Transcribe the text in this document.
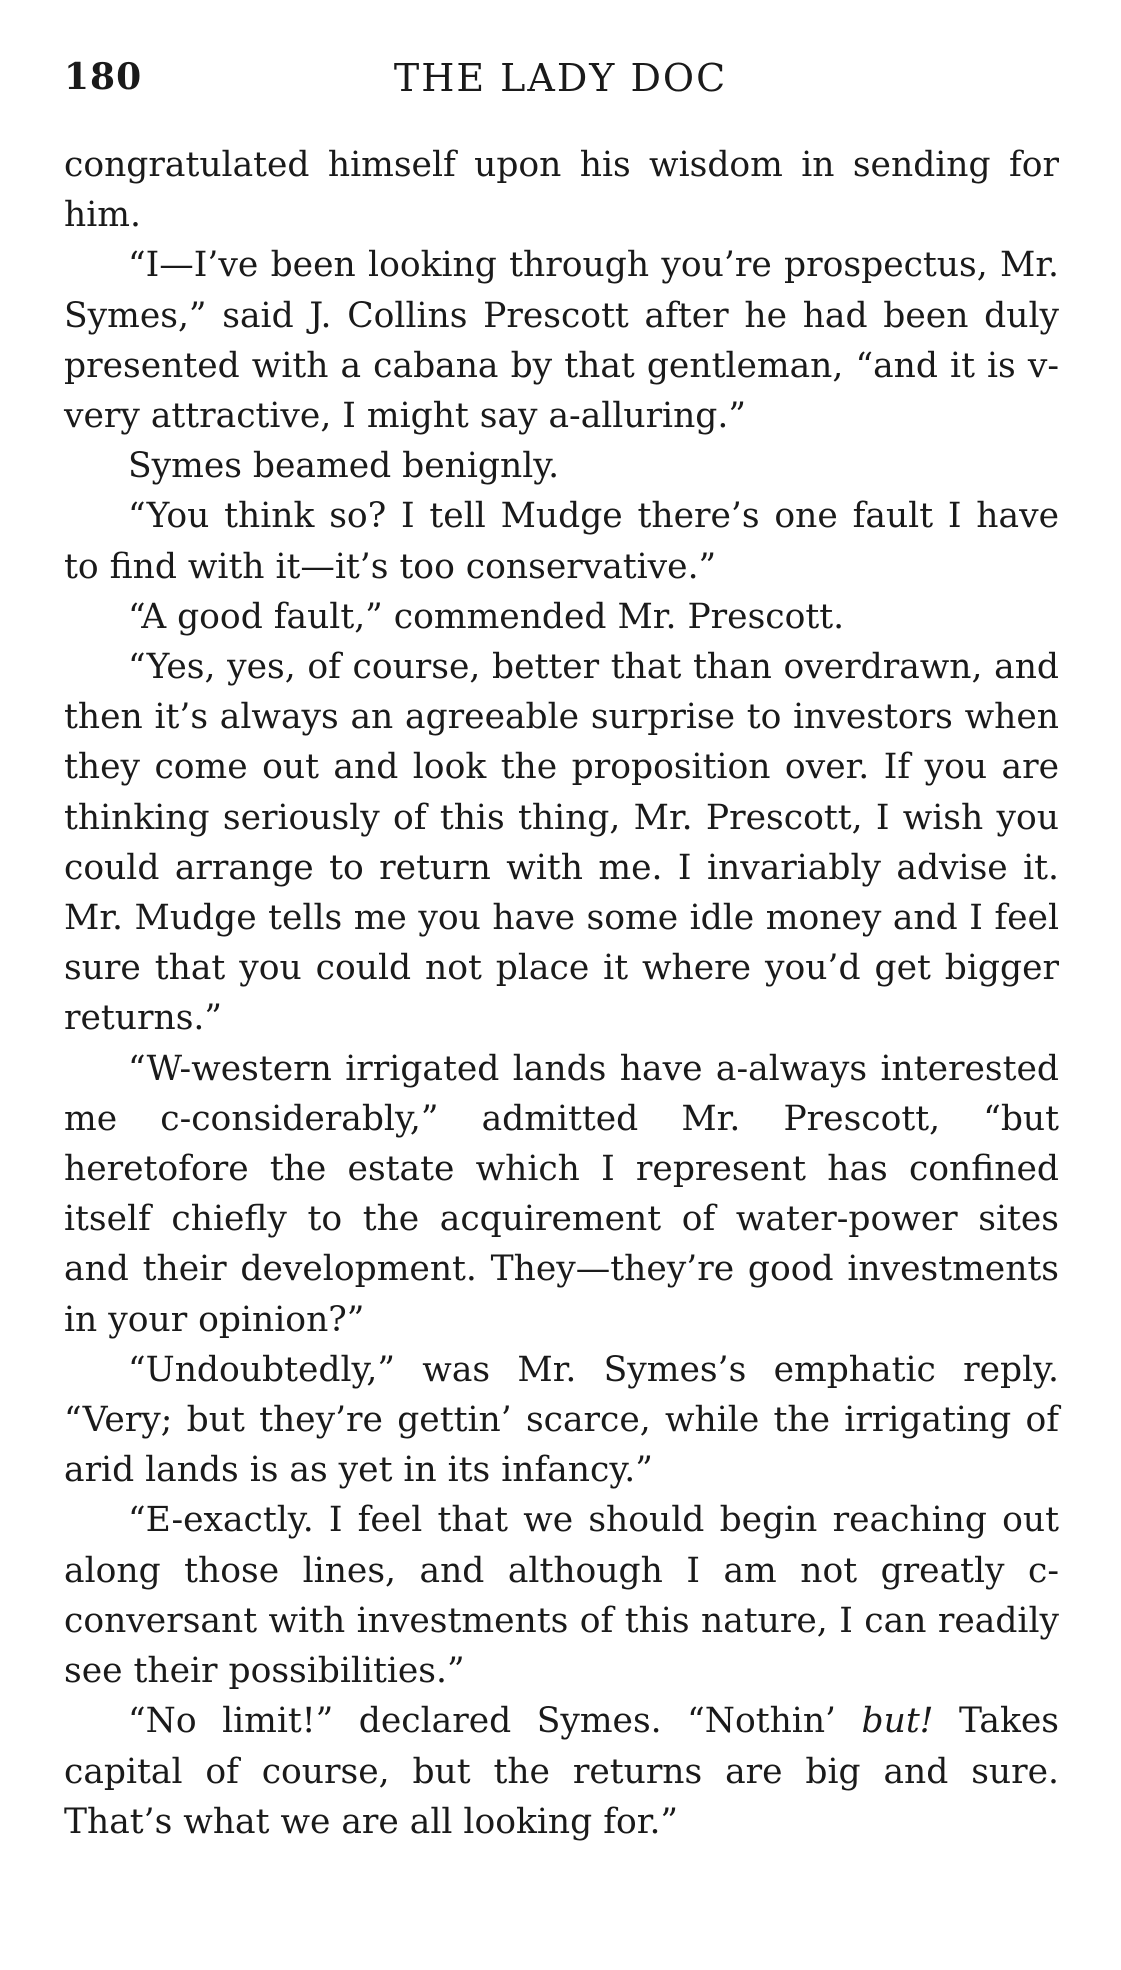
180	THE LADY DOC

congratulated himself upon his wisdom in sending for him.

“I—I’ve been looking through you’re prospectus, Mr. Symes,” said J. Collins Prescott after he had been duly presented with a cabana by that gentleman, “and it is v-very attractive, I might say a-alluring.”

Symes beamed benignly.

“You think so? I tell Mudge there’s one fault I have to find with it—it’s too conservative.”

“A good fault,” commended Mr. Prescott.

“Yes, yes, of course, better that than overdrawn, and then it’s always an agreeable surprise to investors when they come out and look the proposition over. If you are thinking seriously of this thing, Mr. Prescott, I wish you could arrange to return with me. I invariably advise it. Mr. Mudge tells me you have some idle money and I feel sure that you could not place it where you’d get bigger returns.”

“W-western irrigated lands have a-always interested me c-considerably,” admitted Mr. Prescott, “but heretofore the estate which I represent has confined itself chiefly to the acquirement of water-power sites and their development. They—they’re good investments in your opinion?”

“Undoubtedly,” was Mr. Symes’s emphatic reply. “Very; but they’re gettin’ scarce, while the irrigating of arid lands is as yet in its infancy.”

“E-exactly. I feel that we should begin reaching out along those lines, and although I am not greatly c-conversant with investments of this nature, I can readily see their possibilities.”

“No limit!” declared Symes. “Nothin’ but! Takes capital of course, but the returns are big and sure. That’s what we are all looking for.”
